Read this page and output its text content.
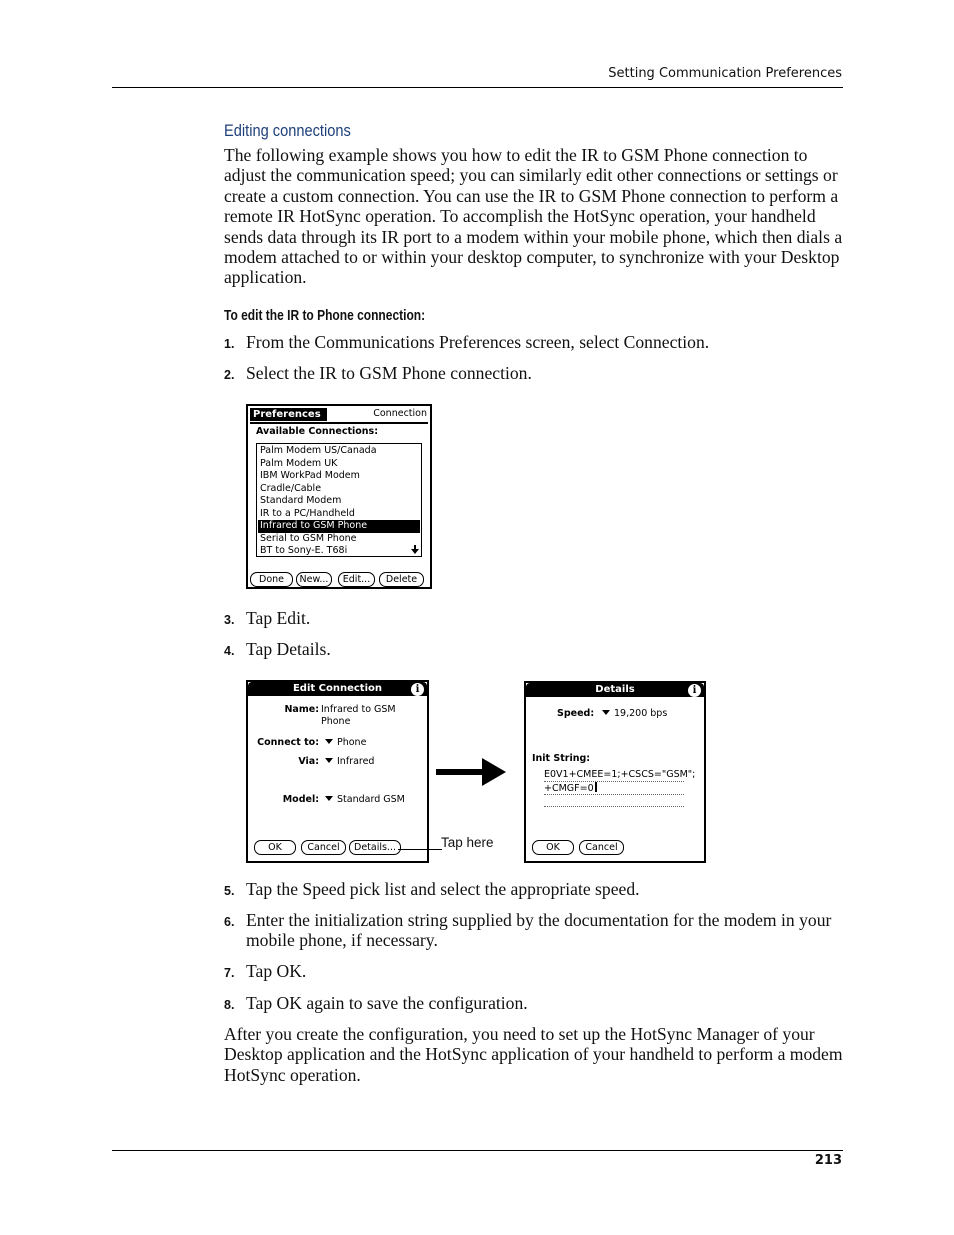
Setting Communication Preferences
Editing connections

The following example shows you how to edit the IR to GSM Phone connection to adjust the communication speed; you can similarly edit other connections or settings or create a custom connection. You can use the IR to GSM Phone connection to perform a remote IR HotSync operation. To accomplish the HotSync operation, your handheld sends data through its IR port to a modem within your mobile phone, which then dials a modem attached to or within your desktop computer, to synchronize with your Desktop application.

To edit the IR to Phone connection:
1. From the Communications Preferences screen, select Connection.
2. Select the IR to GSM Phone connection.
Preferences	Connection
Available Connections:
Palm Modem US/Canada
Palm Modem UK
IBM WorkPad Modem
Cradle/Cable
Standard Modem
IR to a PC/Handheld
Infrared to GSM Phone
Serial to GSM Phone
BT to Sony-E. T68i
Done	New...	Edit...	Delete
3. Tap Edit.
4. Tap Details.
Edit Connection	i
Name: Infrared to GSM
Phone
Connect to:	Phone
Via:	Infrared
Model:	Standard GSM
OK	Cancel	Details...	Tap here
Details	i
Speed:	19,200 bps
Init String:
E0V1+CMEE=1;+CSCS="GSM";
+CMGF=0
OK	Cancel
5. Tap the Speed pick list and select the appropriate speed.
6. Enter the initialization string supplied by the documentation for the modem in your mobile phone, if necessary.
7. Tap OK.
8. Tap OK again to save the configuration.

After you create the configuration, you need to set up the HotSync Manager of your Desktop application and the HotSync application of your handheld to perform a modem HotSync operation.

213
